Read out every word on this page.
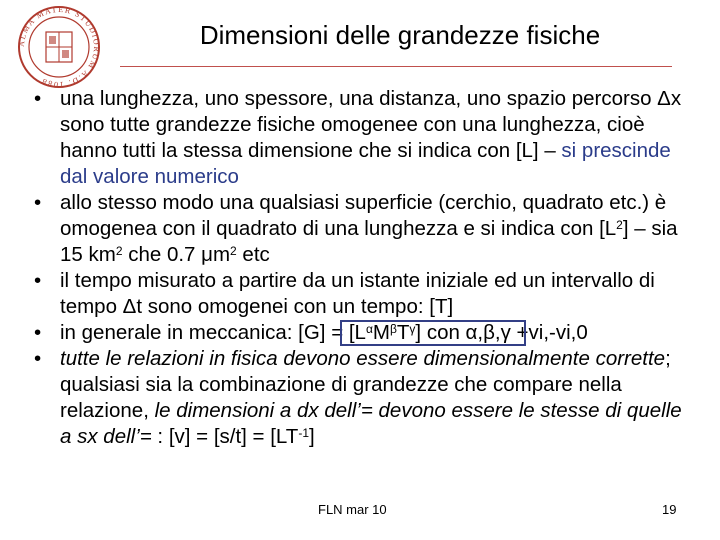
ALMA MATER STUDIORUM A.D. 1088
Dimensioni delle grandezze fisiche
• una lunghezza, uno spessore, una distanza, uno spazio percorso Δx sono tutte grandezze fisiche omogenee con una lunghezza, cioè hanno tutti la stessa dimensione che si indica con [L] – si prescinde dal valore numerico
• allo stesso modo una qualsiasi superficie (cerchio, quadrato etc.) è omogenea con il quadrato di una lunghezza e si indica con $[L^2]$ – sia 15 $km^2$ che 0.7 $\mu m^2$ etc
• il tempo misurato a partire da un istante iniziale ed un intervallo di tempo Δt sono omogenei con un tempo: [T]
• in generale in meccanica: $[G] = [L^\alpha M^\beta T^\gamma]$ con α,β,γ +vi,-vi,0
• tutte le relazioni in fisica devono essere dimensionalmente corrette; qualsiasi sia la combinazione di grandezze che compare nella relazione, le dimensioni a dx dell’= devono essere le stesse di quelle a sx dell’= : $[v] = [s/t] = [LT^{-1}]$
FLN mar 10	19
